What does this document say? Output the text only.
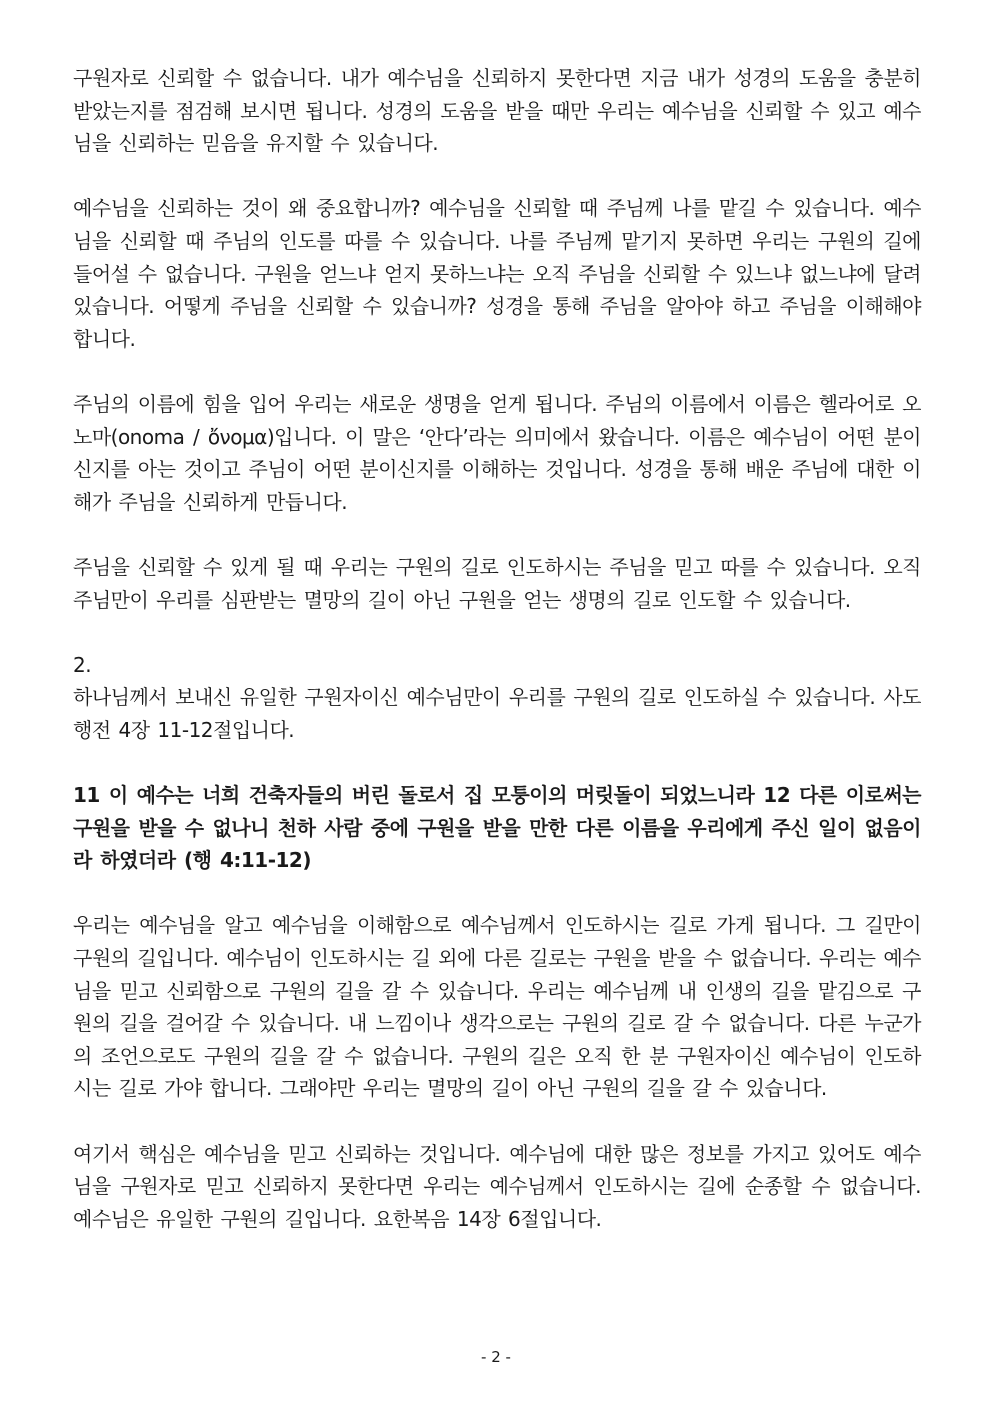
구원자로 신뢰할 수 없습니다. 내가 예수님을 신뢰하지 못한다면 지금 내가 성경의 도움을 충분히 받았는지를 점검해 보시면 됩니다. 성경의 도움을 받을 때만 우리는 예수님을 신뢰할 수 있고 예수님을 신뢰하는 믿음을 유지할 수 있습니다.

예수님을 신뢰하는 것이 왜 중요합니까? 예수님을 신뢰할 때 주님께 나를 맡길 수 있습니다. 예수님을 신뢰할 때 주님의 인도를 따를 수 있습니다. 나를 주님께 맡기지 못하면 우리는 구원의 길에 들어설 수 없습니다. 구원을 얻느냐 얻지 못하느냐는 오직 주님을 신뢰할 수 있느냐 없느냐에 달려 있습니다. 어떻게 주님을 신뢰할 수 있습니까? 성경을 통해 주님을 알아야 하고 주님을 이해해야 합니다.

주님의 이름에 힘을 입어 우리는 새로운 생명을 얻게 됩니다. 주님의 이름에서 이름은 헬라어로 오노마(onoma / ὄνομα)입니다. 이 말은 ‘안다’라는 의미에서 왔습니다. 이름은 예수님이 어떤 분이신지를 아는 것이고 주님이 어떤 분이신지를 이해하는 것입니다. 성경을 통해 배운 주님에 대한 이해가 주님을 신뢰하게 만듭니다.

주님을 신뢰할 수 있게 될 때 우리는 구원의 길로 인도하시는 주님을 믿고 따를 수 있습니다. 오직 주님만이 우리를 심판받는 멸망의 길이 아닌 구원을 얻는 생명의 길로 인도할 수 있습니다.

2.

하나님께서 보내신 유일한 구원자이신 예수님만이 우리를 구원의 길로 인도하실 수 있습니다. 사도행전 4장 11-12절입니다.

11 이 예수는 너희 건축자들의 버린 돌로서 집 모퉁이의 머릿돌이 되었느니라 12 다른 이로써는 구원을 받을 수 없나니 천하 사람 중에 구원을 받을 만한 다른 이름을 우리에게 주신 일이 없음이라 하였더라 (행 4:11-12)

우리는 예수님을 알고 예수님을 이해함으로 예수님께서 인도하시는 길로 가게 됩니다. 그 길만이 구원의 길입니다. 예수님이 인도하시는 길 외에 다른 길로는 구원을 받을 수 없습니다. 우리는 예수님을 믿고 신뢰함으로 구원의 길을 갈 수 있습니다. 우리는 예수님께 내 인생의 길을 맡김으로 구원의 길을 걸어갈 수 있습니다. 내 느낌이나 생각으로는 구원의 길로 갈 수 없습니다. 다른 누군가의 조언으로도 구원의 길을 갈 수 없습니다. 구원의 길은 오직 한 분 구원자이신 예수님이 인도하시는 길로 가야 합니다. 그래야만 우리는 멸망의 길이 아닌 구원의 길을 갈 수 있습니다.

여기서 핵심은 예수님을 믿고 신뢰하는 것입니다. 예수님에 대한 많은 정보를 가지고 있어도 예수님을 구원자로 믿고 신뢰하지 못한다면 우리는 예수님께서 인도하시는 길에 순종할 수 없습니다. 예수님은 유일한 구원의 길입니다. 요한복음 14장 6절입니다.

- 2 -
